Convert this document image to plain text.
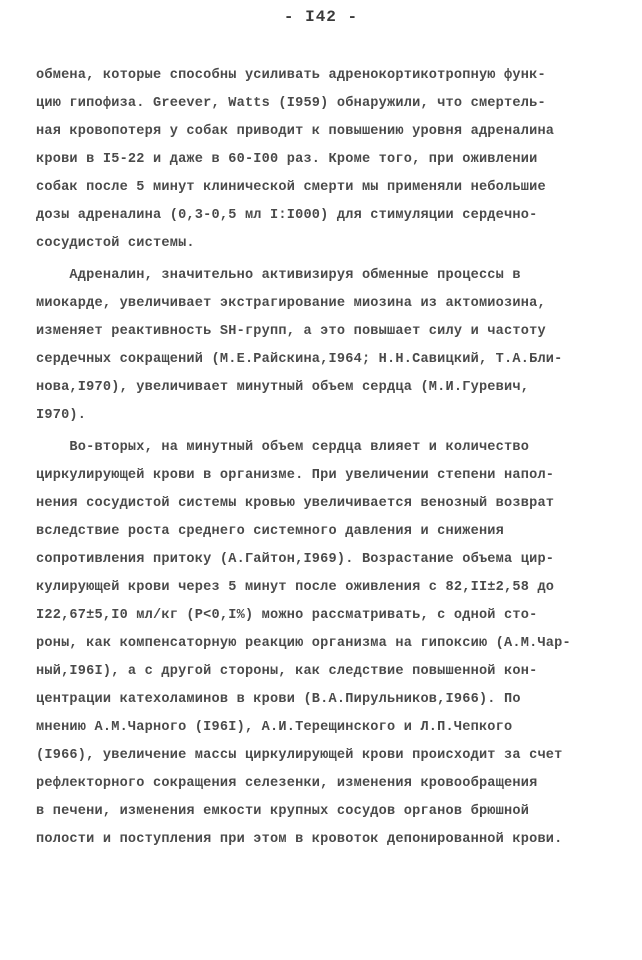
- I42 -
обмена, которые способны усиливать адренокортикотропную функ-
цию гипофиза. Greever, Watts (I959) обнаружили, что смертель-
ная кровопотеря у собак приводит к повышению уровня адреналина
крови в I5-22 и даже в 60-I00 раз. Кроме того, при оживлении
собак после 5 минут клинической смерти мы применяли небольшие
дозы адреналина (0,3-0,5 мл I:I000) для стимуляции сердечно-
сосудистой системы.
Адреналин, значительно активизируя обменные процессы в
миокарде, увеличивает экстрагирование миозина из актомиозина,
изменяет реактивность SH-групп, а это повышает силу и частоту
сердечных сокращений (М.Е.Райскина,I964; Н.Н.Савицкий, Т.А.Бли-
нова,I970), увеличивает минутный объем сердца (М.И.Гуревич,
I970).
Во-вторых, на минутный объем сердца влияет и количество
циркулирующей крови в организме. При увеличении степени напол-
нения сосудистой системы кровью увеличивается венозный возврат
вследствие роста среднего системного давления и снижения
сопротивления притоку (А.Гайтон,I969). Возрастание объема цир-
кулирующей крови через 5 минут после оживления с 82,II±2,58 до
I22,67±5,I0 мл/кг (P<0,I%) можно рассматривать, с одной сто-
роны, как компенсаторную реакцию организма на гипоксию (А.М.Чар-
ный,I96I), а с другой стороны, как следствие повышенной кон-
центрации катехоламинов в крови (В.А.Пирульников,I966). По
мнению А.М.Чарного (I96I), А.И.Терещинского и Л.П.Чепкого
(I966), увеличение массы циркулирующей крови происходит за счет
рефлекторного сокращения селезенки, изменения кровообращения
в печени, изменения емкости крупных сосудов органов брюшной
полости и поступления при этом в кровоток депонированной крови.
